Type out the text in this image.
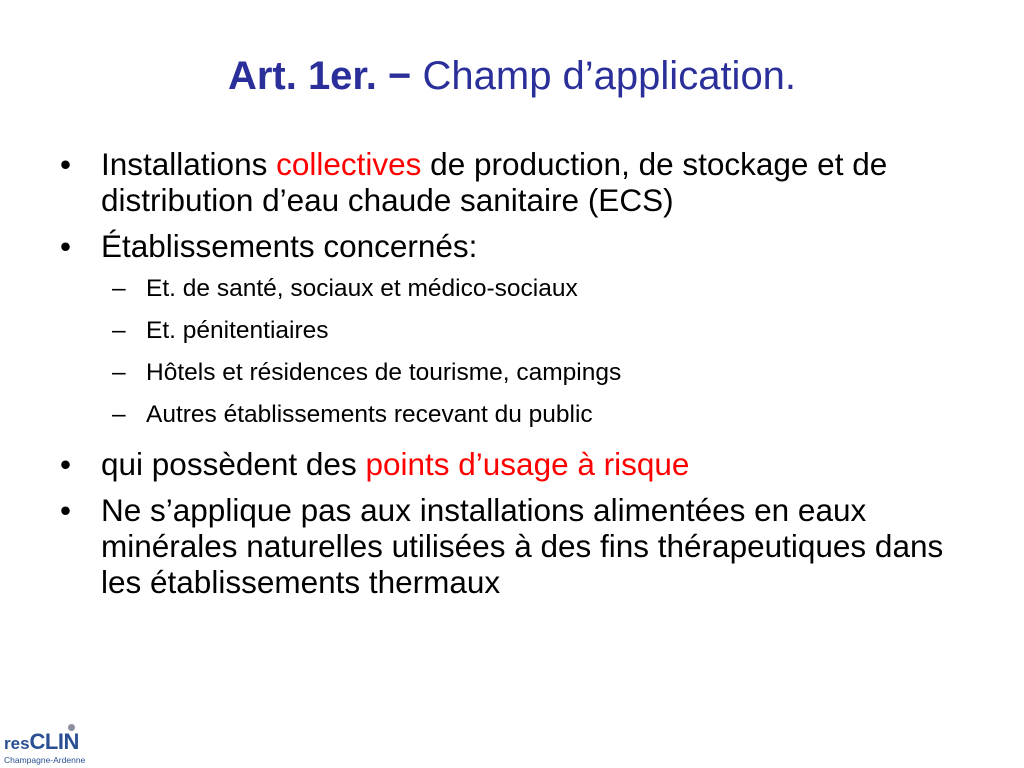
Art. 1er. − Champ d’application.
• Installations collectives de production, de stockage et de distribution d’eau chaude sanitaire (ECS)
• Établissements concernés:
– Et. de santé, sociaux et médico-sociaux
– Et. pénitentiaires
– Hôtels et résidences de tourisme, campings
– Autres établissements recevant du public
• qui possèdent des points d’usage à risque
• Ne s’applique pas aux installations alimentées en eaux minérales naturelles utilisées à des fins thérapeutiques dans les établissements thermaux
resCLIN
Champagne-Ardenne
